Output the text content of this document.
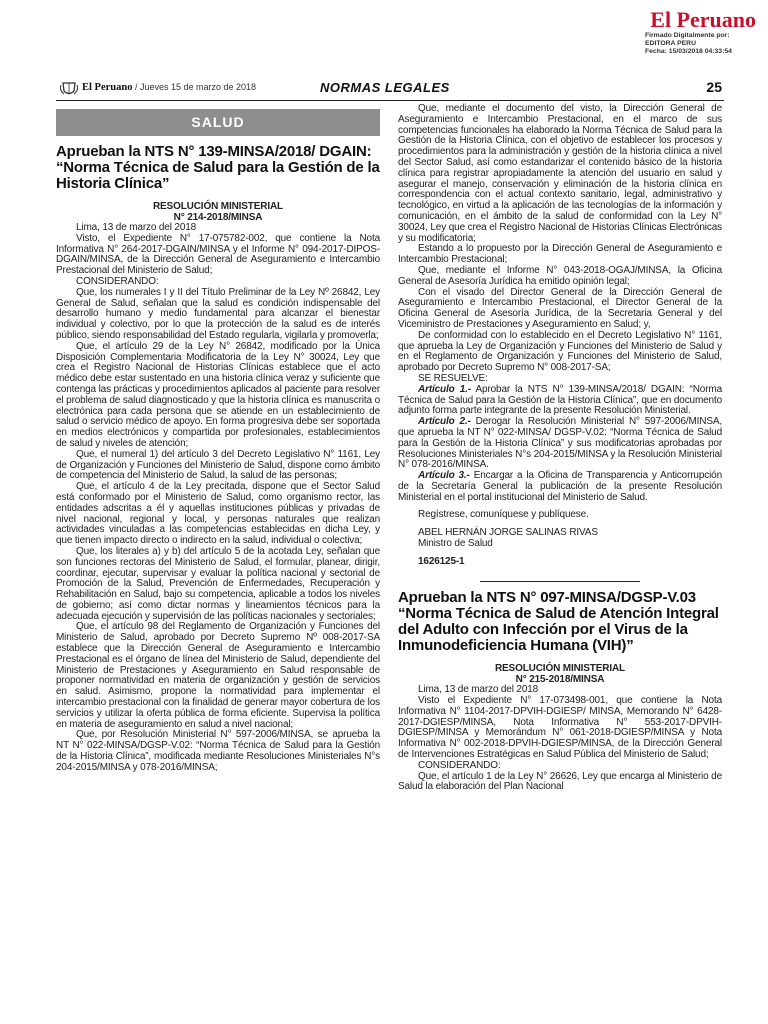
El Peruano
Firmado Digitalmente por:
EDITORA PERU
Fecha: 15/03/2018 04:33:54
El Peruano / Jueves 15 de marzo de 2018	NORMAS LEGALES	25
SALUD
Aprueban la NTS N° 139-MINSA/2018/ DGAIN: “Norma Técnica de Salud para la Gestión de la Historia Clínica”

RESOLUCIÓN MINISTERIAL

N° 214-2018/MINSA

Lima, 13 de marzo del 2018

Visto, el Expediente N° 17-075782-002, que contiene la Nota Informativa N° 264-2017-DGAIN/MINSA y el Informe N° 094-2017-DIPOS-DGAIN/MINSA, de la Dirección General de Aseguramiento e Intercambio Prestacional del Ministerio de Salud;

CONSIDERANDO:

Que, los numerales I y II del Título Preliminar de la Ley Nº 26842, Ley General de Salud, señalan que la salud es condición indispensable del desarrollo humano y medio fundamental para alcanzar el bienestar individual y colectivo, por lo que la protección de la salud es de interés público, siendo responsabilidad del Estado regularla, vigilarla y promoverla;

Que, el artículo 29 de la Ley N° 26842, modificado por la Única Disposición Complementaria Modificatoria de la Ley N° 30024, Ley que crea el Registro Nacional de Historias Clínicas establece que el acto médico debe estar sustentado en una historia clínica veraz y suficiente que contenga las prácticas y procedimientos aplicados al paciente para resolver el problema de salud diagnosticado y que la historia clínica es manuscrita o electrónica para cada persona que se atiende en un establecimiento de salud o servicio médico de apoyo. En forma progresiva debe ser soportada en medios electrónicos y compartida por profesionales, establecimientos de salud y niveles de atención;

Que, el numeral 1) del artículo 3 del Decreto Legislativo N° 1161, Ley de Organización y Funciones del Ministerio de Salud, dispone como ámbito de competencia del Ministerio de Salud, la salud de las personas;

Que, el artículo 4 de la Ley precitada, dispone que el Sector Salud está conformado por el Ministerio de Salud, como organismo rector, las entidades adscritas a él y aquellas instituciones públicas y privadas de nivel nacional, regional y local, y personas naturales que realizan actividades vinculadas a las competencias establecidas en dicha Ley, y que tienen impacto directo o indirecto en la salud, individual o colectiva;

Que, los literales a) y b) del artículo 5 de la acotada Ley, señalan que son funciones rectoras del Ministerio de Salud, el formular, planear, dirigir, coordinar, ejecutar, supervisar y evaluar la política nacional y sectorial de Promoción de la Salud, Prevención de Enfermedades, Recuperación y Rehabilitación en Salud, bajo su competencia, aplicable a todos los niveles de gobierno; así como dictar normas y lineamientos técnicos para la adecuada ejecución y supervisión de las políticas nacionales y sectoriales;

Que, el artículo 98 del Reglamento de Organización y Funciones del Ministerio de Salud, aprobado por Decreto Supremo Nº 008-2017-SA establece que la Dirección General de Aseguramiento e Intercambio Prestacional es el órgano de línea del Ministerio de Salud, dependiente del Ministerio de Prestaciones y Aseguramiento en Salud responsable de proponer normatividad en materia de organización y gestión de servicios en salud. Asimismo, propone la normatividad para implementar el intercambio prestacional con la finalidad de generar mayor cobertura de los servicios y utilizar la oferta pública de forma eficiente. Supervisa la política en materia de aseguramiento en salud a nivel nacional;

Que, por Resolución Ministerial N° 597-2006/MINSA, se aprueba la NT N° 022-MINSA/DGSP-V.02: “Norma Técnica de Salud para la Gestión de la Historia Clínica”, modificada mediante Resoluciones Ministeriales N°s 204-2015/MINSA y 078-2016/MINSA;

Que, mediante el documento del visto, la Dirección General de Aseguramiento e Intercambio Prestacional, en el marco de sus competencias funcionales ha elaborado la Norma Técnica de Salud para la Gestión de la Historia Clínica, con el objetivo de establecer los procesos y procedimientos para la administración y gestión de la historia clínica a nivel del Sector Salud, así como estandarizar el contenido básico de la historia clínica para registrar apropiadamente la atención del usuario en salud y asegurar el manejo, conservación y eliminación de la historia clínica en correspondencia con el actual contexto sanitario, legal, administrativo y tecnológico, en virtud a la aplicación de las tecnologías de la información y comunicación, en el ámbito de la salud de conformidad con la Ley N° 30024, Ley que crea el Registro Nacional de Historias Clínicas Electrónicas y su modificatoria;

Estando a lo propuesto por la Dirección General de Aseguramiento e Intercambio Prestacional;

Que, mediante el Informe N° 043-2018-OGAJ/MINSA, la Oficina General de Asesoría Jurídica ha emitido opinión legal;

Con el visado del Director General de la Dirección General de Aseguramiento e Intercambio Prestacional, el Director General de la Oficina General de Asesoría Jurídica, de la Secretaria General y del Viceministro de Prestaciones y Aseguramiento en Salud; y,

De conformidad con lo establecido en el Decreto Legislativo N° 1161, que aprueba la Ley de Organización y Funciones del Ministerio de Salud y en el Reglamento de Organización y Funciones del Ministerio de Salud, aprobado por Decreto Supremo N° 008-2017-SA;

SE RESUELVE:

Artículo 1.- Aprobar la NTS N° 139-MINSA/2018/ DGAIN: “Norma Técnica de Salud para la Gestión de la Historia Clínica”, que en documento adjunto forma parte integrante de la presente Resolución Ministerial.

Artículo 2.- Derogar la Resolución Ministerial N° 597-2006/MINSA, que aprueba la NT N° 022-MINSA/ DGSP-V.02: “Norma Técnica de Salud para la Gestión de la Historia Clínica” y sus modificatorias aprobadas por Resoluciones Ministeriales N°s 204-2015/MINSA y la Resolución Ministerial N° 078-2016/MINSA.

Artículo 3.- Encargar a la Oficina de Transparencia y Anticorrupción de la Secretaría General la publicación de la presente Resolución Ministerial en el portal institucional del Ministerio de Salud.

Regístrese, comuníquese y publíquese.

ABEL HERNÁN JORGE SALINAS RIVAS

Ministro de Salud

1626125-1

Aprueban la NTS N° 097-MINSA/DGSP-V.03 “Norma Técnica de Salud de Atención Integral del Adulto con Infección por el Virus de la Inmunodeficiencia Humana (VIH)”

RESOLUCIÓN MINISTERIAL

N° 215-2018/MINSA

Lima, 13 de marzo del 2018

Visto el Expediente N° 17-073498-001, que contiene la Nota Informativa N° 1104-2017-DPVIH-DGIESP/ MINSA, Memorando N° 6428-2017-DGIESP/MINSA, Nota Informativa N° 553-2017-DPVIH-DGIESP/MINSA y Memorándum N° 061-2018-DGIESP/MINSA y Nota Informativa N° 002-2018-DPVIH-DGIESP/MINSA, de la Dirección General de Intervenciones Estratégicas en Salud Pública del Ministerio de Salud;

CONSIDERANDO:

Que, el artículo 1 de la Ley N° 26626, Ley que encarga al Ministerio de Salud la elaboración del Plan Nacional
